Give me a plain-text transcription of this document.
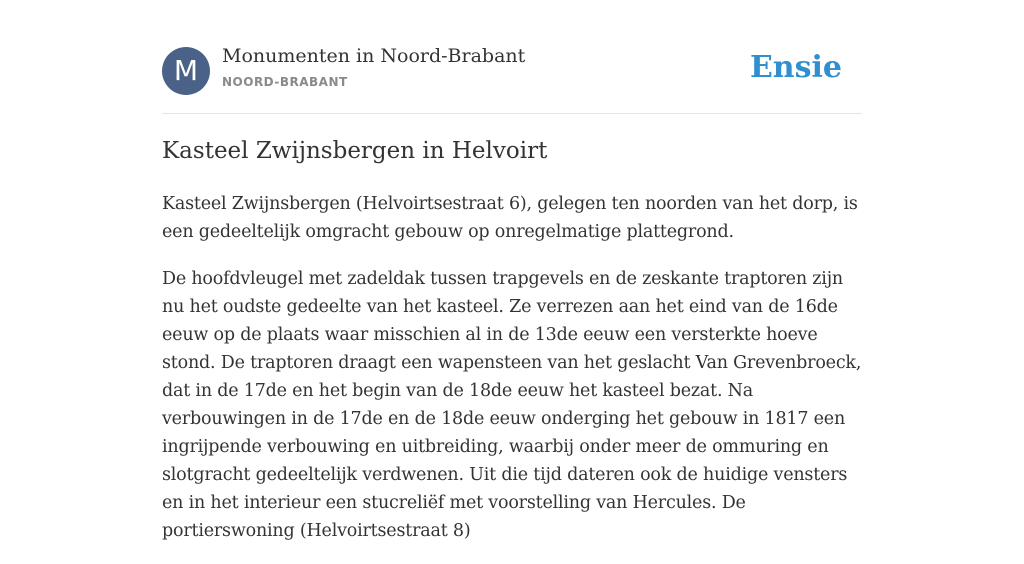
M	Monumenten in Noord-Brabant
NOORD-BRABANT	Ensie
Kasteel Zwijnsbergen in Helvoirt

Kasteel Zwijnsbergen (Helvoirtsestraat 6), gelegen ten noorden van het dorp, is een gedeeltelijk omgracht gebouw op onregelmatige plattegrond.

De hoofdvleugel met zadeldak tussen trapgevels en de zeskante traptoren zijn nu het oudste gedeelte van het kasteel. Ze verrezen aan het eind van de 16de eeuw op de plaats waar misschien al in de 13de eeuw een versterkte hoeve stond. De traptoren draagt een wapensteen van het geslacht Van Grevenbroeck, dat in de 17de en het begin van de 18de eeuw het kasteel bezat. Na verbouwingen in de 17de en de 18de eeuw onderging het gebouw in 1817 een ingrijpende verbouwing en uitbreiding, waarbij onder meer de ommuring en slotgracht gedeeltelijk verdwenen. Uit die tijd dateren ook de huidige vensters en in het interieur een stucreliëf met voorstelling van Hercules. De portierswoning (Helvoirtsestraat 8)
